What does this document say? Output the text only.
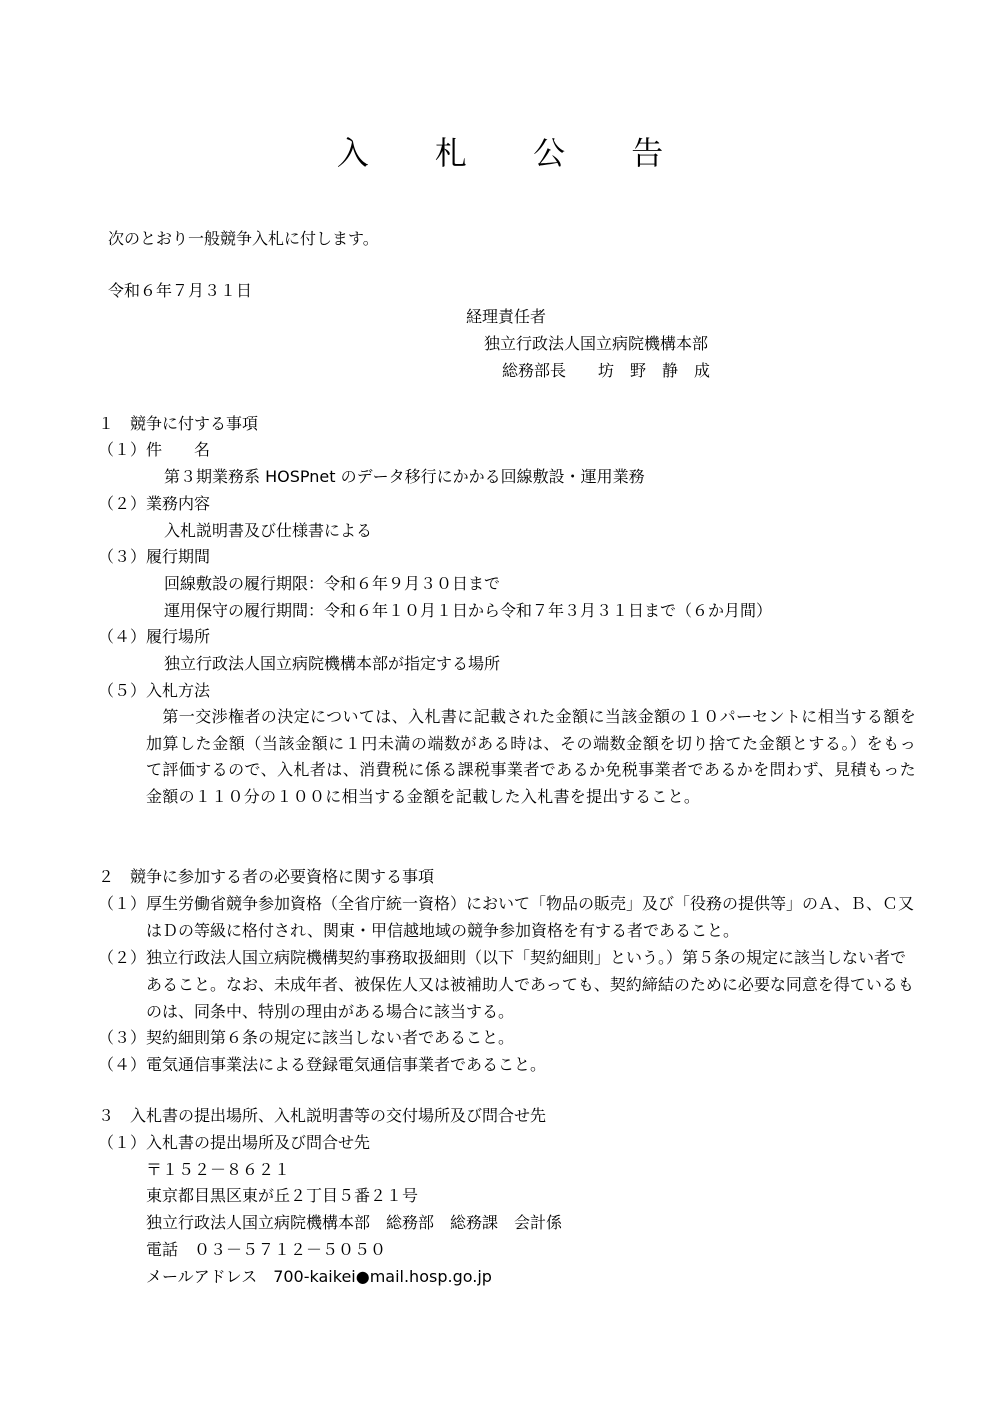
入 札 公 告
次のとおり一般競争入札に付します。
令和６年７月３１日
経理責任者
独立行政法人国立病院機構本部
総務部長　　坊　野　静　成
１　競争に付する事項
（１）件　　名
第３期業務系 HOSPnet のデータ移行にかかる回線敷設・運用業務
（２）業務内容
入札説明書及び仕様書による
（３）履行期間
回線敷設の履行期限：令和６年９月３０日まで
運用保守の履行期間：令和６年１０月１日から令和７年３月３１日まで（６か月間）
（４）履行場所
独立行政法人国立病院機構本部が指定する場所
（５）入札方法
　第一交渉権者の決定については、入札書に記載された金額に当該金額の１０パーセントに相当する額を加算した金額（当該金額に１円未満の端数がある時は、その端数金額を切り捨てた金額とする。）をもって評価するので、入札者は、消費税に係る課税事業者であるか免税事業者であるかを問わず、見積もった金額の１１０分の１００に相当する金額を記載した入札書を提出すること。
２　競争に参加する者の必要資格に関する事項
（１） 厚生労働省競争参加資格（全省庁統一資格）において「物品の販売」及び「役務の提供等」のＡ、Ｂ、Ｃ又はＤの等級に格付され、関東・甲信越地域の競争参加資格を有する者であること。
（２） 独立行政法人国立病院機構契約事務取扱細則（以下「契約細則」という。）第５条の規定に該当しない者であること。なお、未成年者、被保佐人又は被補助人であっても、契約締結のために必要な同意を得ているものは、同条中、特別の理由がある場合に該当する。
（３） 契約細則第６条の規定に該当しない者であること。
（４） 電気通信事業法による登録電気通信事業者であること。
３　入札書の提出場所、入札説明書等の交付場所及び問合せ先
（１）入札書の提出場所及び問合せ先
〒１５２－８６２１
東京都目黒区東が丘２丁目５番２１号
独立行政法人国立病院機構本部　総務部　総務課　会計係
電話　０３－５７１２－５０５０
メールアドレス　700-kaikei●mail.hosp.go.jp
